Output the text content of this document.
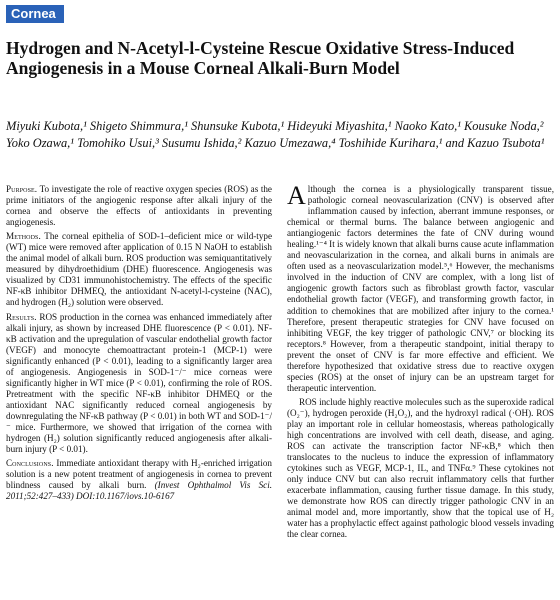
Cornea
Hydrogen and N-Acetyl-l-Cysteine Rescue Oxidative Stress-Induced Angiogenesis in a Mouse Corneal Alkali-Burn Model
Miyuki Kubota,¹ Shigeto Shimmura,¹ Shunsuke Kubota,¹ Hideyuki Miyashita,¹ Naoko Kato,¹ Kousuke Noda,² Yoko Ozawa,¹ Tomohiko Usui,³ Susumu Ishida,² Kazuo Umezawa,⁴ Toshihide Kurihara,¹ and Kazuo Tsubota¹

Purpose. To investigate the role of reactive oxygen species (ROS) as the prime initiators of the angiogenic response after alkali injury of the cornea and observe the effects of antioxidants in preventing angiogenesis.

Methods. The corneal epithelia of SOD-1–deficient mice or wild-type (WT) mice were removed after application of 0.15 N NaOH to establish the animal model of alkali burn. ROS production was semiquantitatively measured by dihydroethidium (DHE) fluorescence. Angiogenesis was visualized by CD31 immunohistochemistry. The effects of the specific NF-κB inhibitor DHMEQ, the antioxidant N-acetyl-l-cysteine (NAC), and hydrogen (H₂) solution were observed.

Results. ROS production in the cornea was enhanced immediately after alkali injury, as shown by increased DHE fluorescence (P < 0.01). NF-κB activation and the upregulation of vascular endothelial growth factor (VEGF) and monocyte chemoattractant protein-1 (MCP-1) were significantly enhanced (P < 0.01), leading to a significantly larger area of angiogenesis. Angiogenesis in SOD-1⁻/⁻ mice corneas were significantly higher in WT mice (P < 0.01), confirming the role of ROS. Pretreatment with the specific NF-κB inhibitor DHMEQ or the antioxidant NAC significantly reduced corneal angiogenesis by downregulating the NF-κB pathway (P < 0.01) in both WT and SOD-1⁻/⁻ mice. Furthermore, we showed that irrigation of the cornea with hydrogen (H₂) solution significantly reduced angiogenesis after alkali-burn injury (P < 0.01).

Conclusions. Immediate antioxidant therapy with H₂-enriched irrigation solution is a new potent treatment of angiogenesis in cornea to prevent blindness caused by alkali burn. (Invest Ophthalmol Vis Sci. 2011;52:427–433) DOI:10.1167/iovs.10-6167

Although the cornea is a physiologically transparent tissue, pathologic corneal neovascularization (CNV) is observed after inflammation caused by infection, aberrant immune responses, or chemical or thermal burns. The balance between angiogenic and antiangiogenic factors determines the fate of CNV during wound healing.¹⁻⁴ It is widely known that alkali burns cause acute inflammation and neovascularization in the cornea, and alkali burns in animals are often used as a neovascularization model.⁵,⁶ However, the mechanisms involved in the induction of CNV are complex, with a long list of angiogenic growth factors such as fibroblast growth factor, vascular endothelial growth factor (VEGF), and transforming growth factor, in addition to chemokines that are mobilized after injury to the cornea.¹ Therefore, present therapeutic strategies for CNV have focused on inhibiting VEGF, the key trigger of pathologic CNV,⁷ or blocking its receptors.⁸ However, from a therapeutic standpoint, initial therapy to prevent the onset of CNV is far more effective and efficient. We therefore hypothesized that oxidative stress due to reactive oxygen species (ROS) at the onset of injury can be an upstream target for therapeutic intervention.

ROS include highly reactive molecules such as the superoxide radical (O₂⁻), hydrogen peroxide (H₂O₂), and the hydroxyl radical (·OH). ROS play an important role in cellular homeostasis, whereas pathologically high concentrations are involved with cell death, disease, and aging. ROS can activate the transcription factor NF-κB,⁸ which then translocates to the nucleus to induce the expression of inflammatory cytokines such as VEGF, MCP-1, IL, and TNFα.⁹ These cytokines not only induce CNV but can also recruit inflammatory cells that further exacerbate inflammation, causing further tissue damage. In this study, we demonstrate how ROS can directly trigger pathologic CNV in an animal model and, more importantly, show that the topical use of H₂ water has a prophylactic effect against pathologic blood vessels invading the clear cornea.
